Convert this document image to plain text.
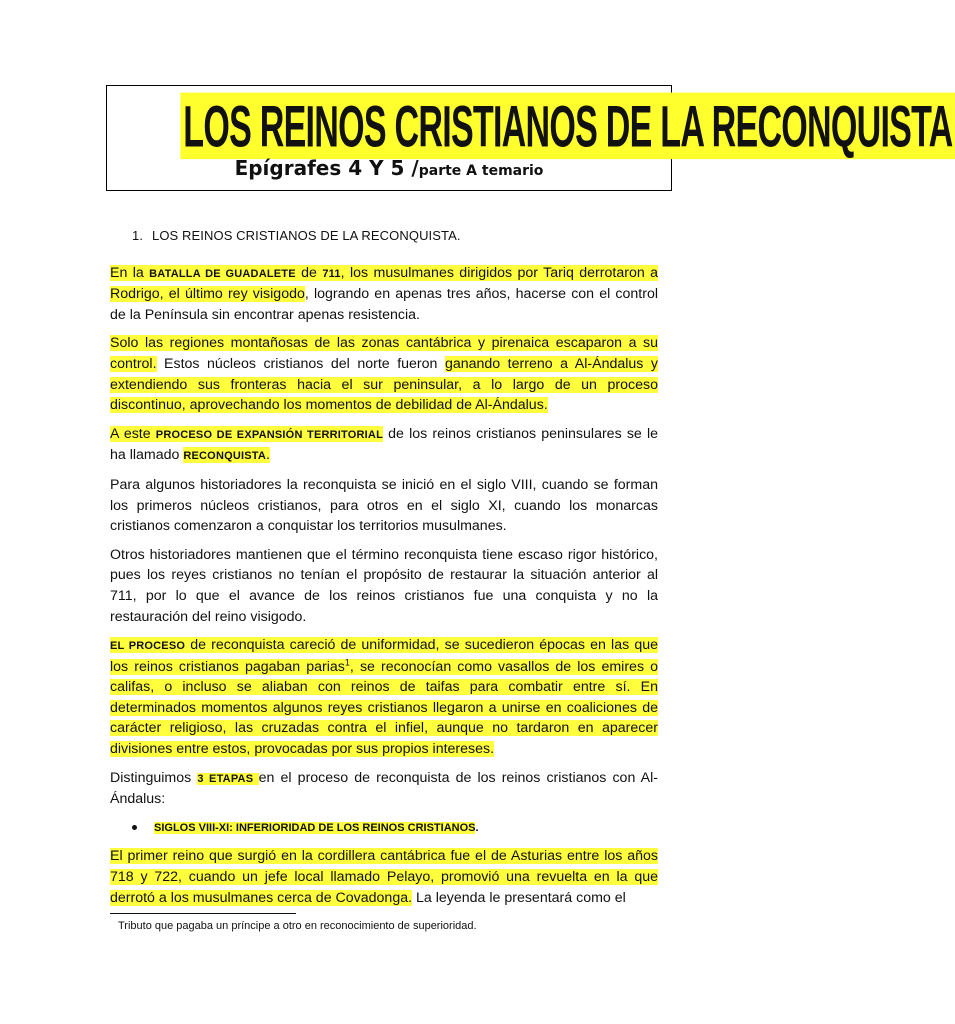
LOS REINOS CRISTIANOS DE LA RECONQUISTA
Epígrafes 4 Y 5 /parte A temario
1. LOS REINOS CRISTIANOS DE LA RECONQUISTA.

En la BATALLA DE GUADALETE de 711, los musulmanes dirigidos por Tariq derrotaron a Rodrigo, el último rey visigodo, logrando en apenas tres años, hacerse con el control de la Península sin encontrar apenas resistencia.

Solo las regiones montañosas de las zonas cantábrica y pirenaica escaparon a su control. Estos núcleos cristianos del norte fueron ganando terreno a Al-Ándalus y extendiendo sus fronteras hacia el sur peninsular, a lo largo de un proceso discontinuo, aprovechando los momentos de debilidad de Al-Ándalus.

A este PROCESO DE EXPANSIÓN TERRITORIAL de los reinos cristianos peninsulares se le ha llamado RECONQUISTA.

Para algunos historiadores la reconquista se inició en el siglo VIII, cuando se forman los primeros núcleos cristianos, para otros en el siglo XI, cuando los monarcas cristianos comenzaron a conquistar los territorios musulmanes.

Otros historiadores mantienen que el término reconquista tiene escaso rigor histórico, pues los reyes cristianos no tenían el propósito de restaurar la situación anterior al 711, por lo que el avance de los reinos cristianos fue una conquista y no la restauración del reino visigodo.

EL PROCESO de reconquista careció de uniformidad, se sucedieron épocas en las que los reinos cristianos pagaban parias$^1$, se reconocían como vasallos de los emires o califas, o incluso se aliaban con reinos de taifas para combatir entre sí. En determinados momentos algunos reyes cristianos llegaron a unirse en coaliciones de carácter religioso, las cruzadas contra el infiel, aunque no tardaron en aparecer divisiones entre estos, provocadas por sus propios intereses.

Distinguimos 3 ETAPAS en el proceso de reconquista de los reinos cristianos con Al-Ándalus:

SIGLOS VIII-XI: INFERIORIDAD DE LOS REINOS CRISTIANOS.

El primer reino que surgió en la cordillera cantábrica fue el de Asturias entre los años 718 y 722, cuando un jefe local llamado Pelayo, promovió una revuelta en la que derrotó a los musulmanes cerca de Covadonga. La leyenda le presentará como el

Tributo que pagaba un príncipe a otro en reconocimiento de superioridad.
